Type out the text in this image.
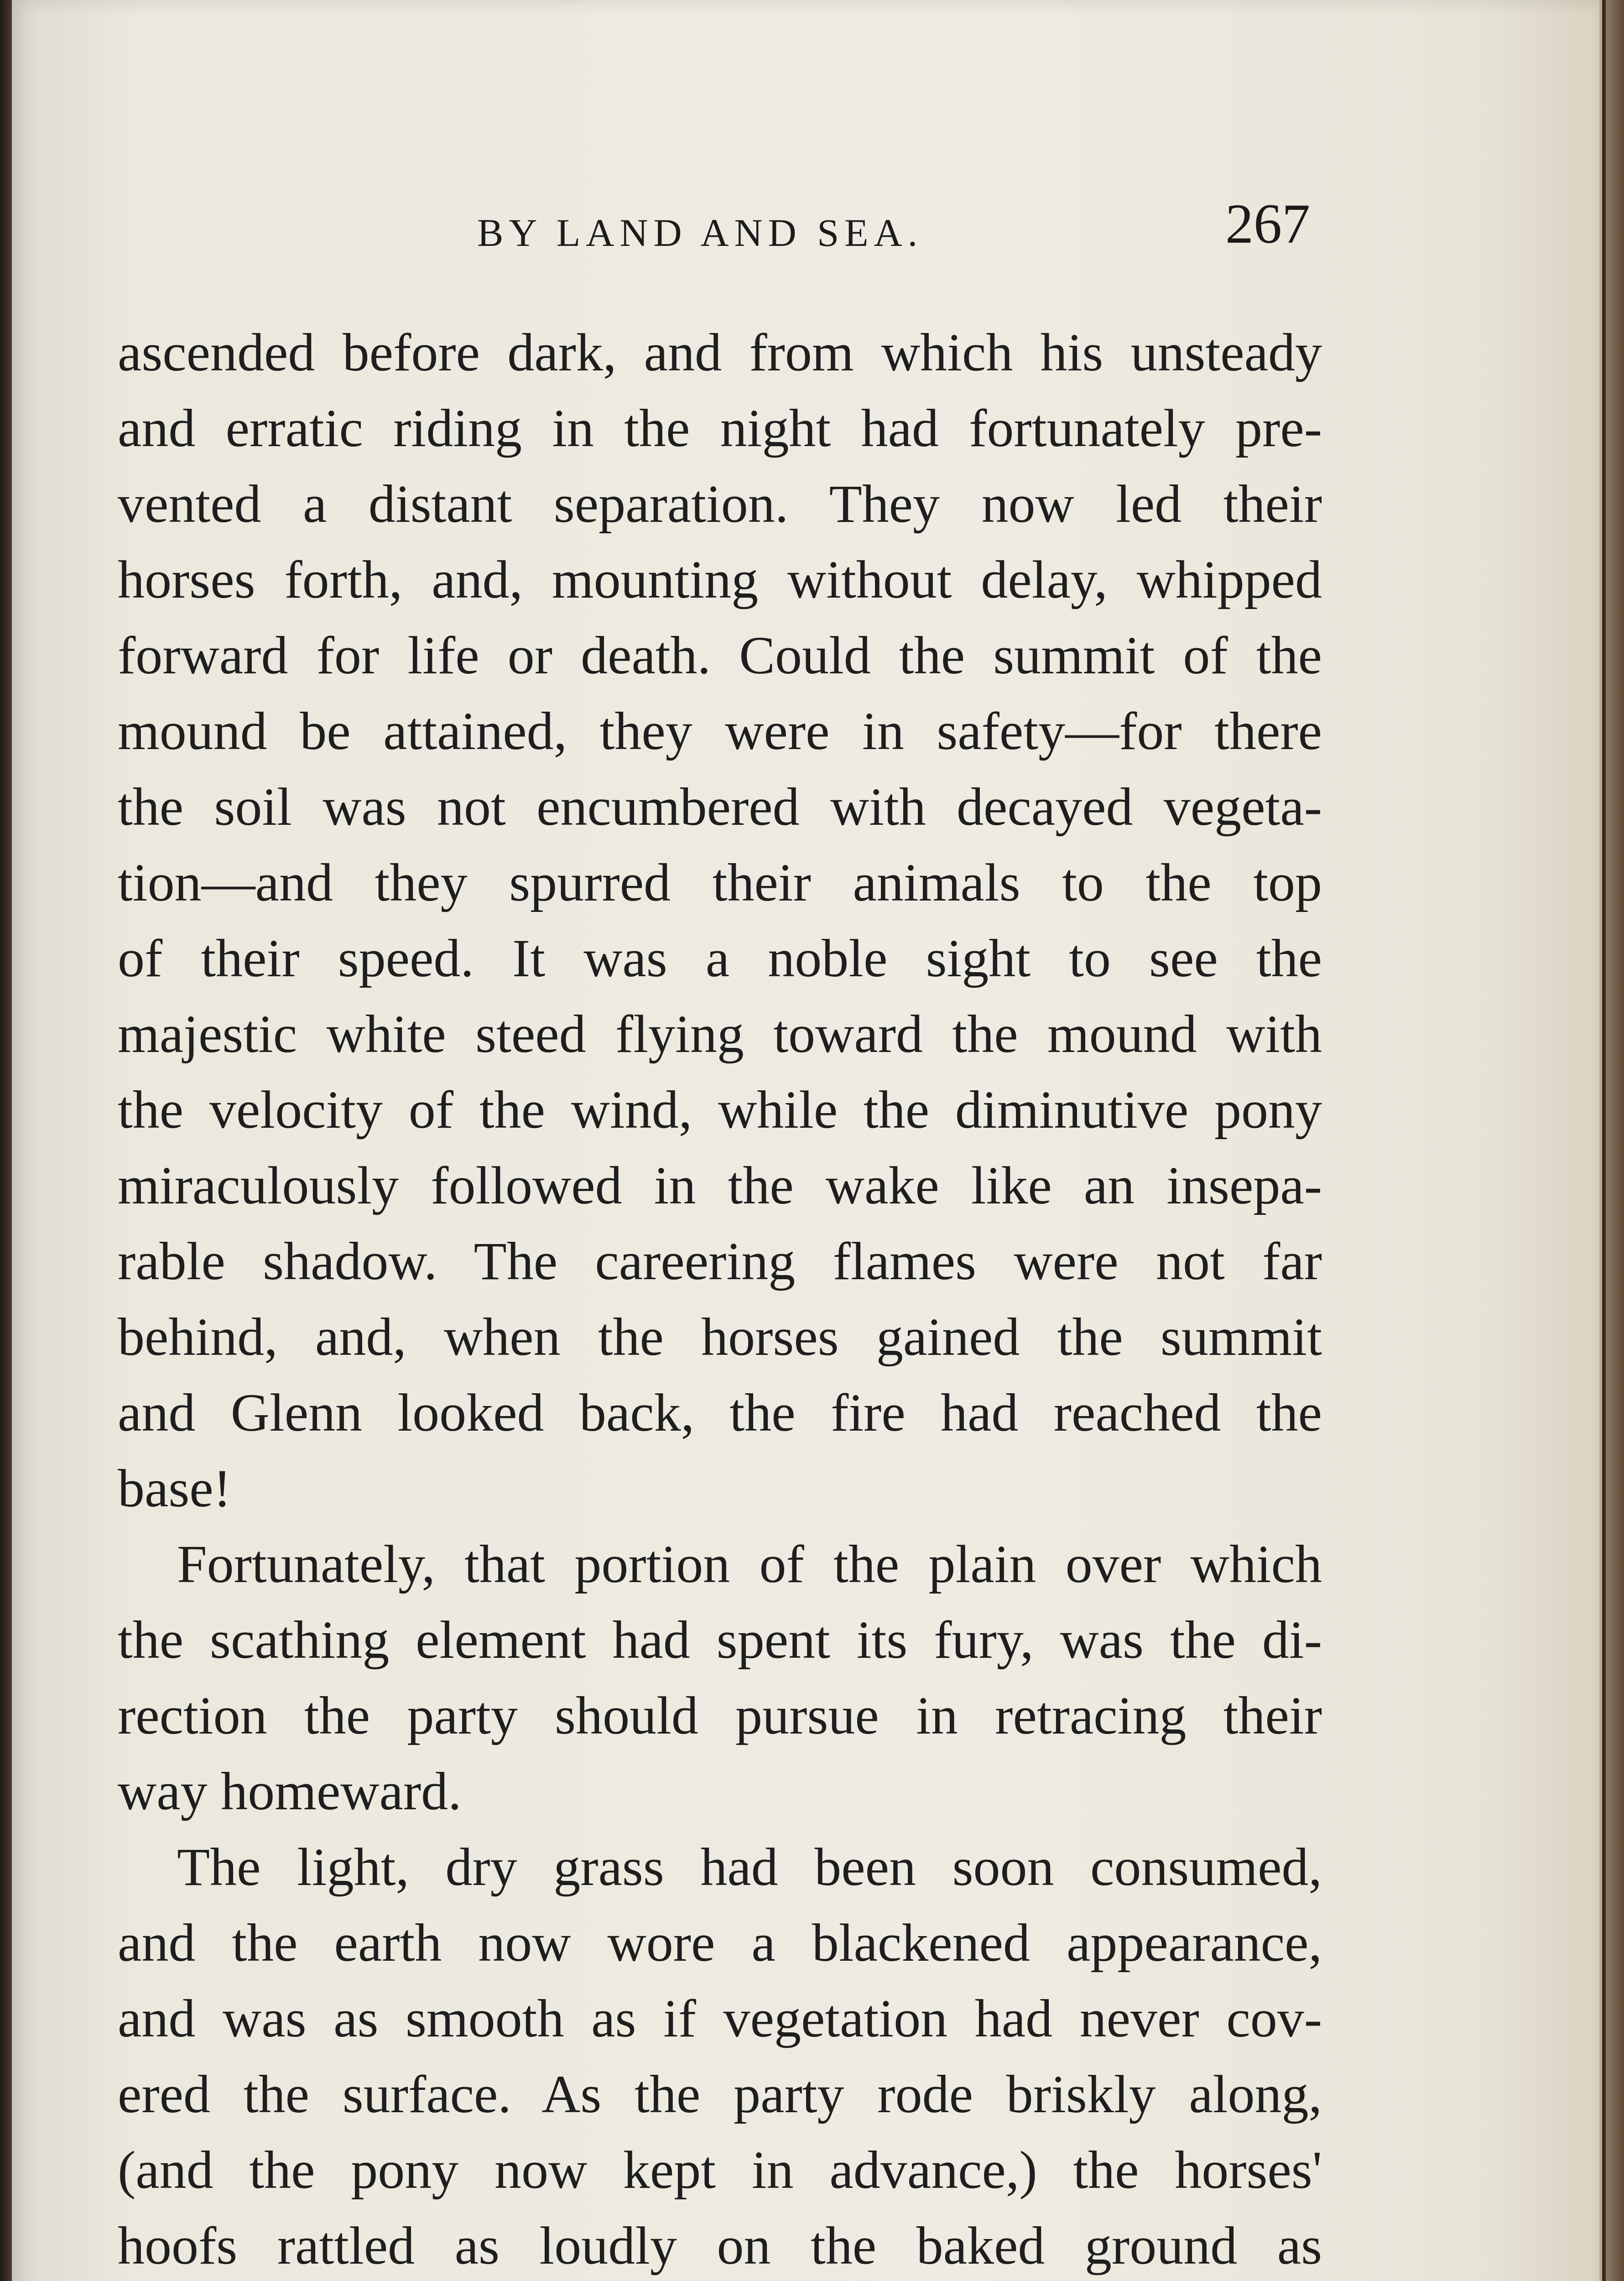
BY LAND AND SEA.	267
ascended before dark, and from which his unsteady
and erratic riding in the night had fortunately pre-
vented a distant separation. They now led their
horses forth, and, mounting without delay, whipped
forward for life or death. Could the summit of the
mound be attained, they were in safety—for there
the soil was not encumbered with decayed vegeta-
tion—and they spurred their animals to the top
of their speed. It was a noble sight to see the
majestic white steed flying toward the mound with
the velocity of the wind, while the diminutive pony
miraculously followed in the wake like an insepa-
rable shadow. The careering flames were not far
behind, and, when the horses gained the summit
and Glenn looked back, the fire had reached the
base!
Fortunately, that portion of the plain over which
the scathing element had spent its fury, was the di-
rection the party should pursue in retracing their
way homeward.
The light, dry grass had been soon consumed,
and the earth now wore a blackened appearance,
and was as smooth as if vegetation had never cov-
ered the surface. As the party rode briskly along,
(and the pony now kept in advance,) the horses'
hoofs rattled as loudly on the baked ground as
